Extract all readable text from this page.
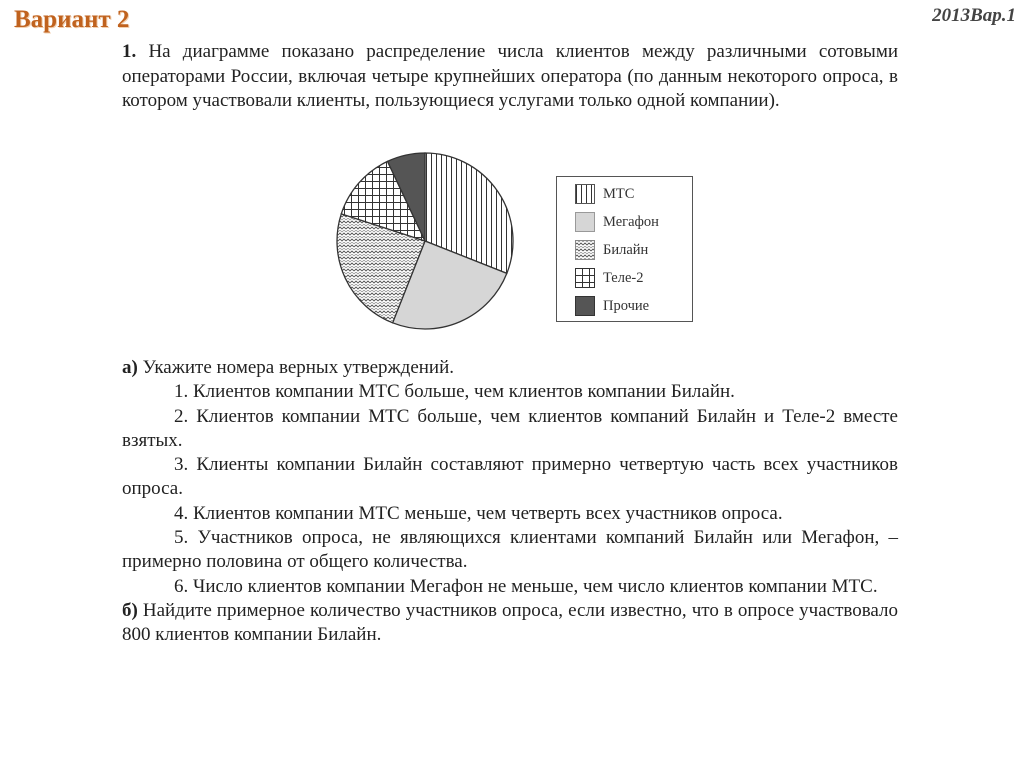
Вариант 2	2013Вар.1

1. На диаграмме показано распределение числа клиентов между различными сотовыми операторами России, включая четыре крупнейших оператора (по данным некоторого опроса, в котором участвовали клиенты, пользующиеся услугами только одной компании).

МТС
Мегафон
Билайн
Теле-2
Прочие

а) Укажите номера верных утверждений.

1. Клиентов компании МТС больше, чем клиентов компании Билайн.

2. Клиентов компании МТС больше, чем клиентов компаний Билайн и Теле-2 вместе взятых.

3. Клиенты компании Билайн составляют примерно четвертую часть всех участников опроса.

4. Клиентов компании МТС меньше, чем четверть всех участников опроса.

5. Участников опроса, не являющихся клиентами компаний Билайн или Мегафон, – примерно половина от общего количества.

6. Число клиентов компании Мегафон не меньше, чем число клиентов компании МТС.

б) Найдите примерное количество участников опроса, если известно, что в опросе участвовало 800 клиентов компании Билайн.
